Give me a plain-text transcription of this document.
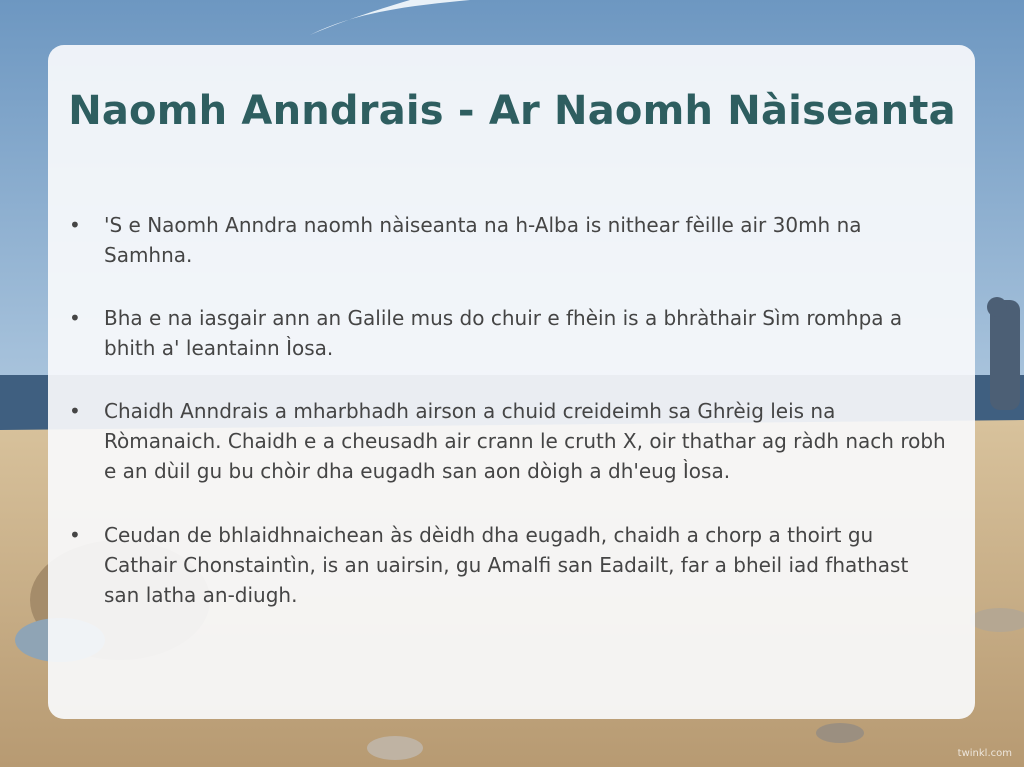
Naomh Anndrais - Ar Naomh Nàiseanta
• 'S e Naomh Anndra naomh nàiseanta na h-Alba is nithear fèille air 30mh na Samhna.
• Bha e na iasgair ann an Galile mus do chuir e fhèin is a bhràthair Sìm romhpa a bhith a' leantainn Ìosa.
• Chaidh Anndrais a mharbhadh airson a chuid creideimh sa Ghrèig leis na Ròmanaich. Chaidh e a cheusadh air crann le cruth X, oir thathar ag ràdh nach robh e an dùil gu bu chòir dha eugadh san aon dòigh a dh'eug Ìosa.
• Ceudan de bhlaidhnaichean às dèidh dha eugadh, chaidh a chorp a thoirt gu Cathair Chonstaintìn, is an uairsin, gu Amalfi san Eadailt, far a bheil iad fhathast san latha an-diugh.
twinkl.com
